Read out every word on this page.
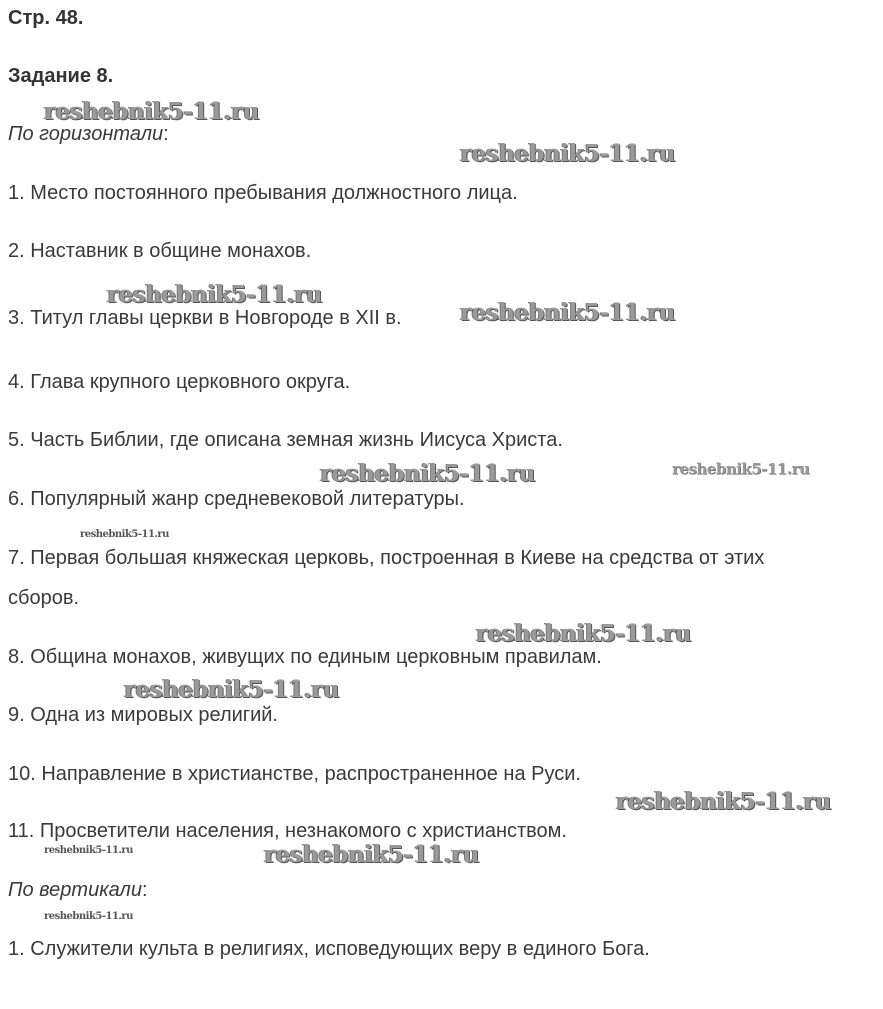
Стр. 48.
Задание 8.
По горизонтали:
1. Место постоянного пребывания должностного лица.
2. Наставник в общине монахов.
3. Титул главы церкви в Новгороде в XII в.
4. Глава крупного церковного округа.
5. Часть Библии, где описана земная жизнь Иисуса Христа.
6. Популярный жанр средневековой литературы.
7. Первая большая княжеская церковь, построенная в Киеве на средства от этих
сборов.
8. Община монахов, живущих по единым церковным правилам.
9. Одна из мировых религий.
10. Направление в христианстве, распространенное на Руси.
11. Просветители населения, незнакомого с христианством.
По вертикали:
1. Служители культа в религиях, исповедующих веру в единого Бога.
reshebnik5-11.ru
reshebnik5-11.ru
reshebnik5-11.ru
reshebnik5-11.ru
reshebnik5-11.ru	reshebnik5-11.ru
reshebnik5-11.ru
reshebnik5-11.ru
reshebnik5-11.ru
reshebnik5-11.ru
reshebnik5-11.ru	reshebnik5-11.ru
reshebnik5-11.ru
